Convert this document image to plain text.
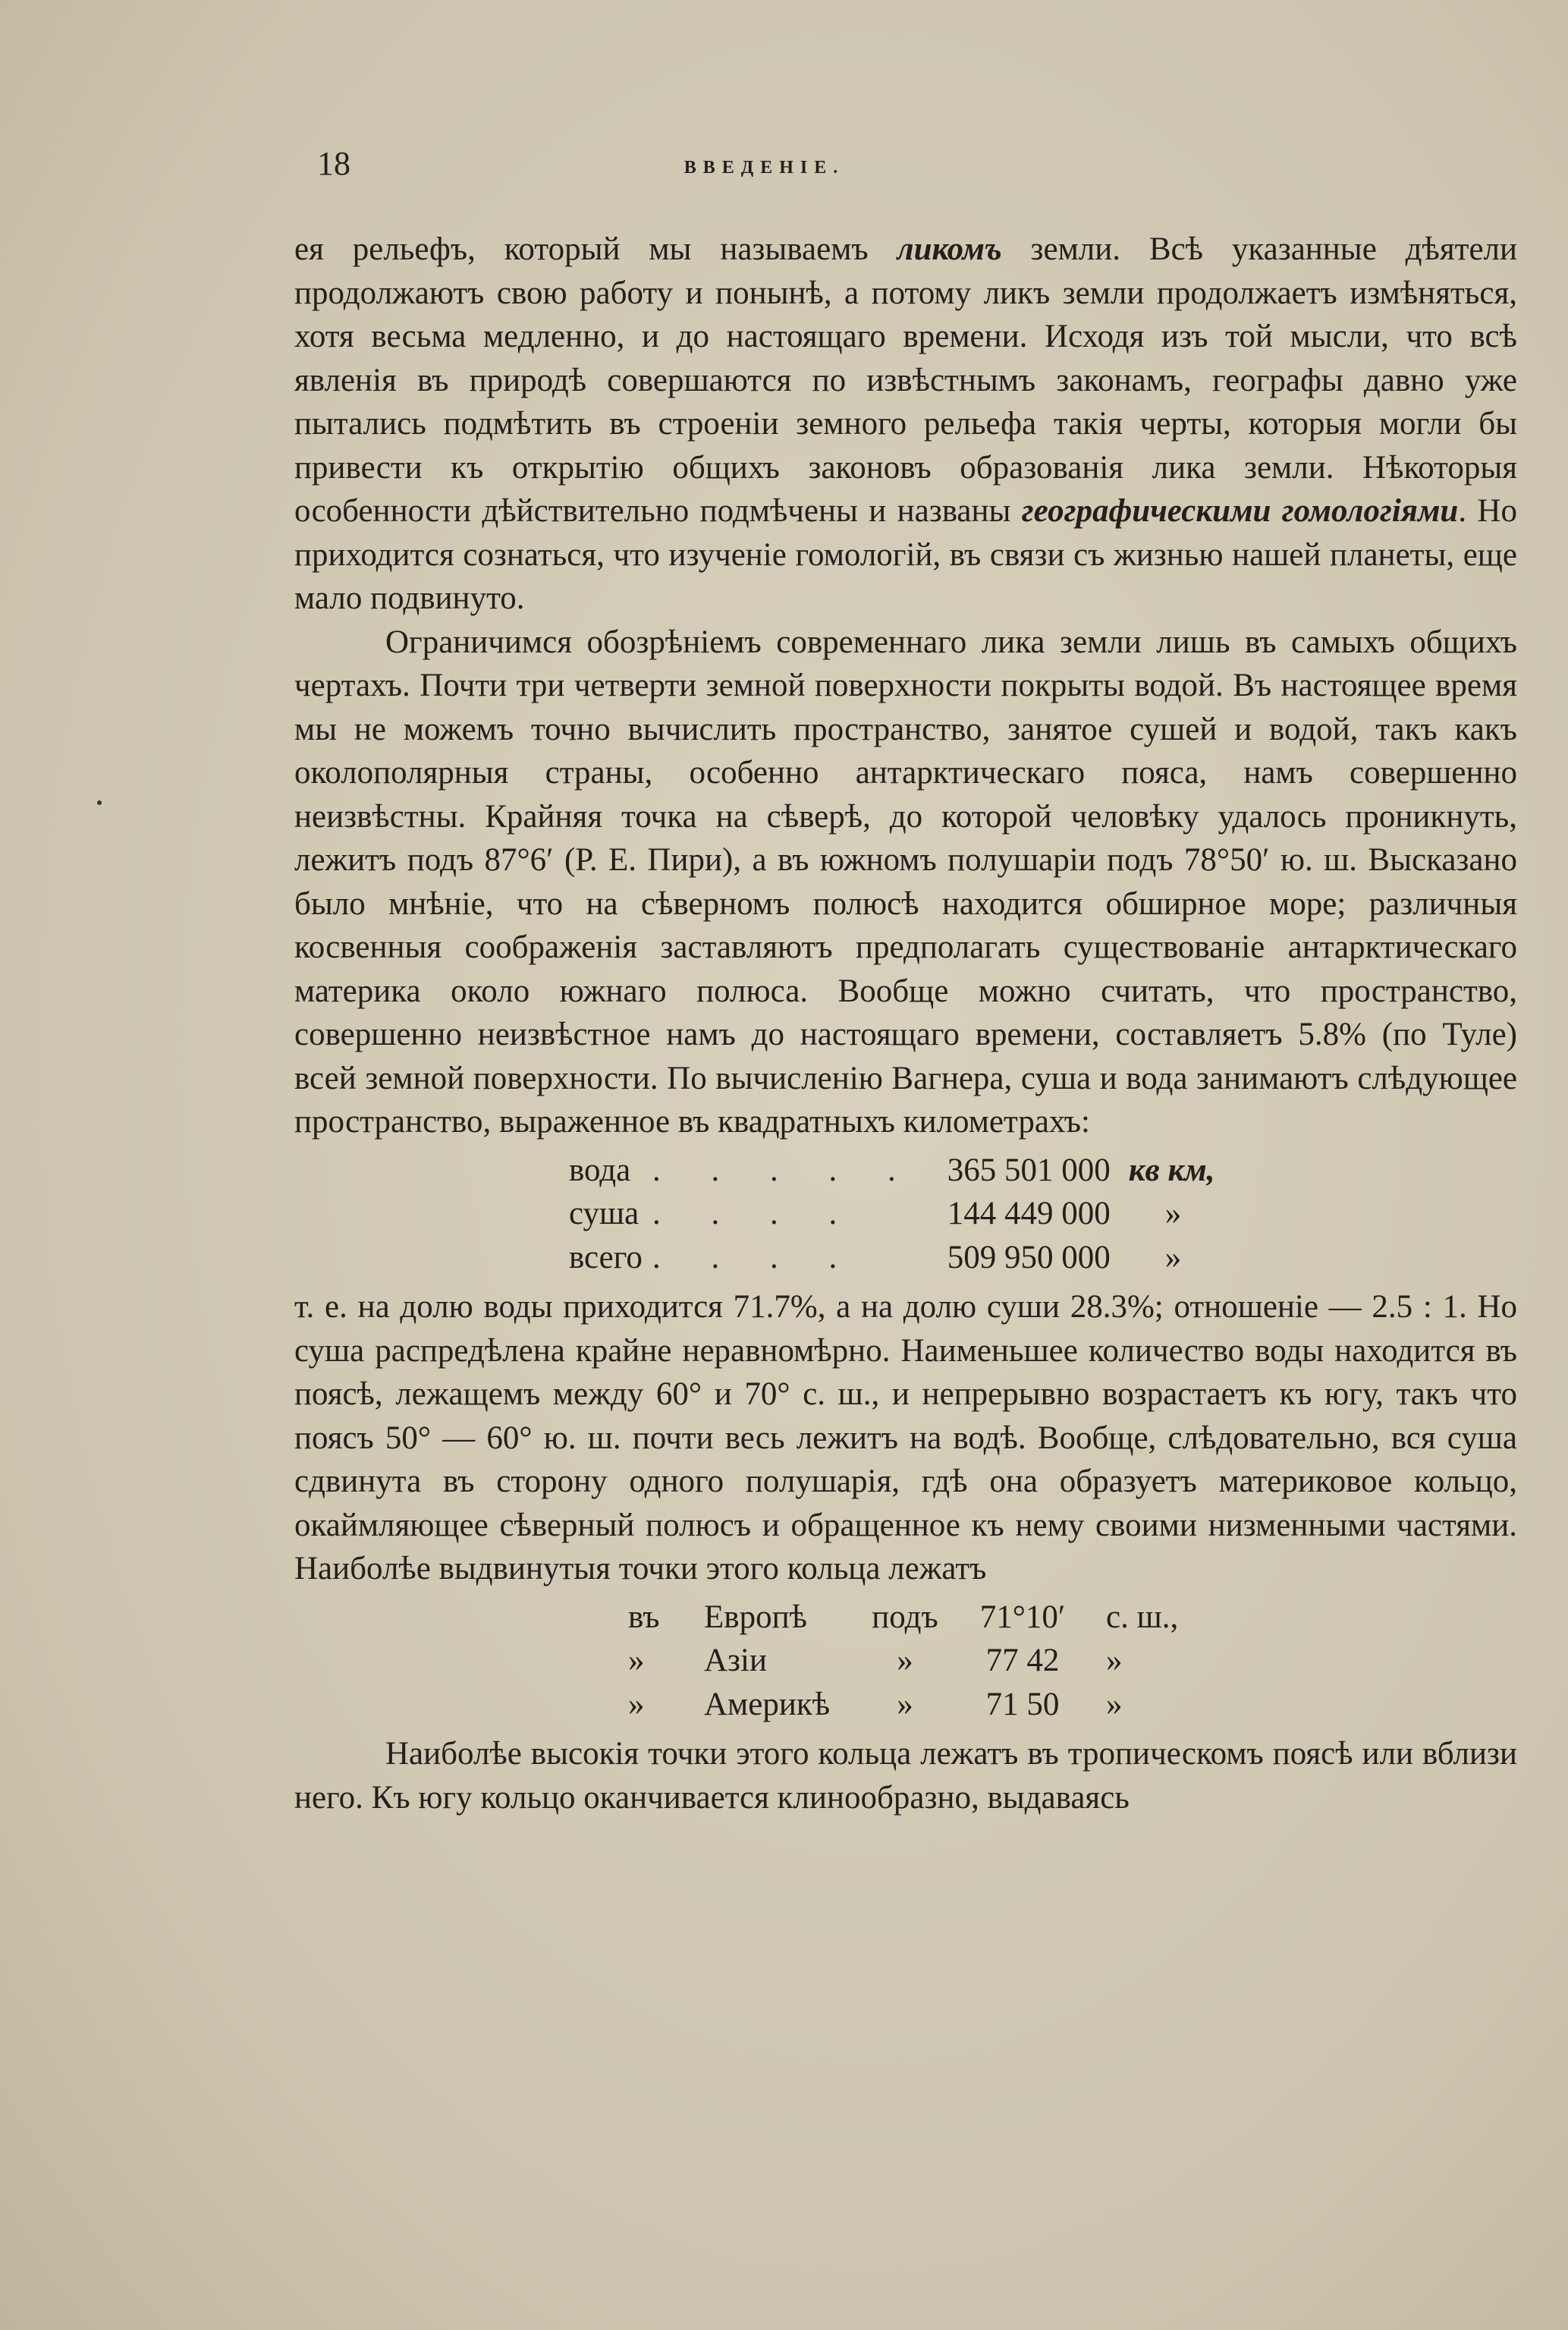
18	ВВЕДЕНІЕ.

ея рельефъ, который мы называемъ ликомъ земли. Всѣ указанные дѣятели продолжаютъ свою работу и понынѣ, а потому ликъ земли продолжаетъ измѣняться, хотя весьма медленно, и до настоящаго времени. Исходя изъ той мысли, что всѣ явленія въ природѣ совершаются по извѣстнымъ законамъ, географы давно уже пытались подмѣтить въ строеніи земного рельефа такія черты, которыя могли бы привести къ открытію общихъ законовъ образованія лика земли. Нѣкоторыя особенности дѣйствительно подмѣчены и названы географическими гомологіями. Но приходится сознаться, что изученіе гомологій, въ связи съ жизнью нашей планеты, еще мало подвинуто.

Ограничимся обозрѣніемъ современнаго лика земли лишь въ самыхъ общихъ чертахъ. Почти три четверти земной поверхности покрыты водой. Въ настоящее время мы не можемъ точно вычислить пространство, занятое сушей и водой, такъ какъ околополярныя страны, особенно антарктическаго пояса, намъ совершенно неизвѣстны. Крайняя точка на сѣверѣ, до которой человѣку удалось проникнуть, лежитъ подъ 87°6′ (Р. Е. Пири), а въ южномъ полушаріи подъ 78°50′ ю. ш. Высказано было мнѣніе, что на сѣверномъ полюсѣ находится обширное море; различныя косвенныя соображенія заставляютъ предполагать существованіе антарктическаго материка около южнаго полюса. Вообще можно считать, что пространство, совершенно неизвѣстное намъ до настоящаго времени, составляетъ 5.8% (по Туле) всей земной поверхности. По вычисленію Вагнера, суша и вода занимаютъ слѣдующее пространство, выраженное въ квадратныхъ километрахъ:

вода	. . . . .	365 501 000	кв км,
суша	. . . .	144 449 000	»
всего	. . . .	509 950 000	»

т. е. на долю воды приходится 71.7%, а на долю суши 28.3%; отношеніе — 2.5 : 1. Но суша распредѣлена крайне неравномѣрно. Наименьшее количество воды находится въ поясѣ, лежащемъ между 60° и 70° с. ш., и непрерывно возрастаетъ къ югу, такъ что поясъ 50° — 60° ю. ш. почти весь лежитъ на водѣ. Вообще, слѣдовательно, вся суша сдвинута въ сторону одного полушарія, гдѣ она образуетъ материковое кольцо, окаймляющее сѣверный полюсъ и обращенное къ нему своими низменными частями. Наиболѣе выдвинутыя точки этого кольца лежатъ

въ	Европѣ	подъ	71°10′	с. ш.,
»	Азіи	»	77 42	»
»	Америкѣ	»	71 50	»

Наиболѣе высокія точки этого кольца лежатъ въ тропическомъ поясѣ или вблизи него. Къ югу кольцо оканчивается клинообразно, выдаваясь
